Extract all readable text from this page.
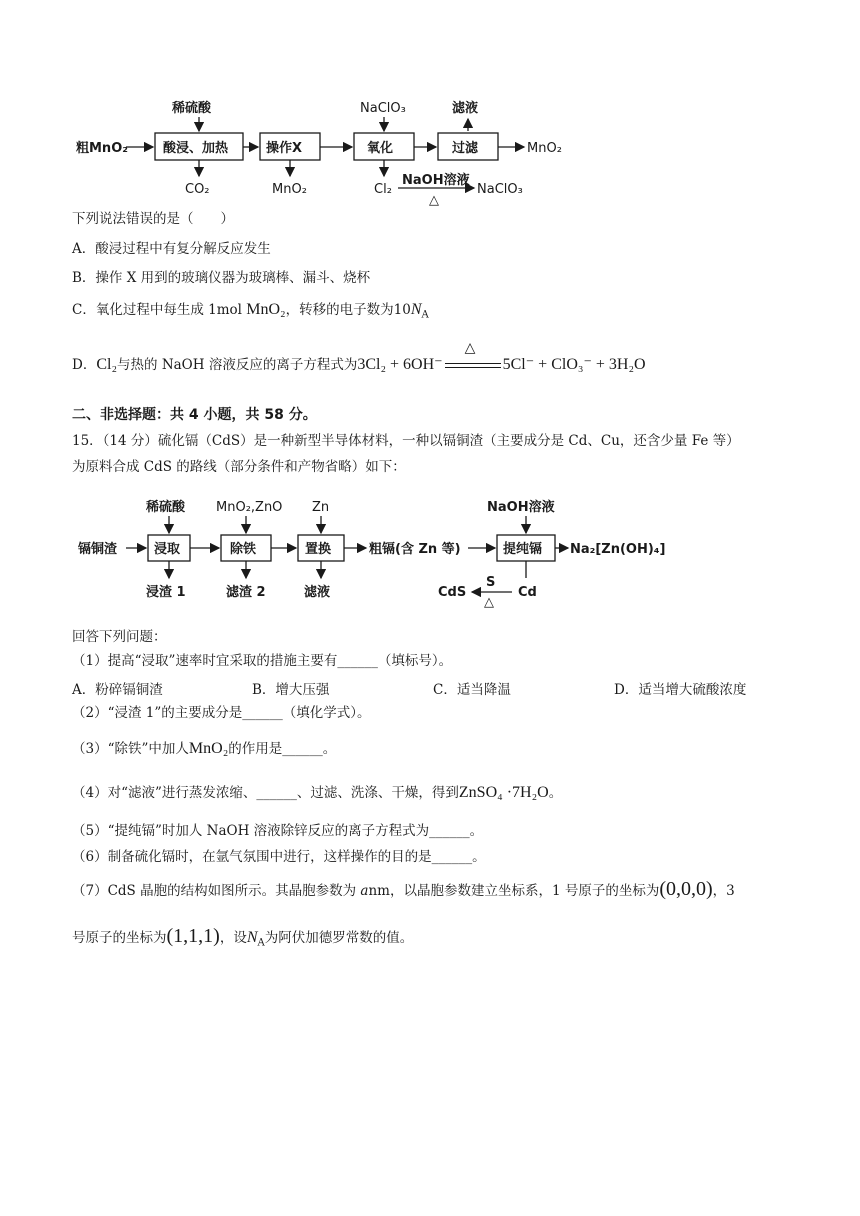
粗MnO₂	酸浸、加热
稀硫酸
CO₂
操作X
MnO₂
氧化
NaClO₃
Cl₂
过滤
滤液
MnO₂
NaOH溶液
△
NaClO₃
下列说法错误的是（　　）
A．酸浸过程中有复分解反应发生
B．操作 X 用到的玻璃仪器为玻璃棒、漏斗、烧杯
C．氧化过程中每生成 1mol MnO₂，转移的电子数为$10N_A$
D．Cl₂与热的 NaOH 溶液反应的离子方程式为3Cl₂ + 6OH⁻
△
5Cl⁻ + ClO₃⁻ + 3H₂O
二、非选择题：共 4 小题，共 58 分。
15．（14 分）硫化镉（CdS）是一种新型半导体材料，一种以镉铜渣（主要成分是 Cd、Cu，还含少量 Fe 等）
为原料合成 CdS 的路线（部分条件和产物省略）如下：
镉铜渣	浸取
稀硫酸
浸渣 1
除铁
MnO₂,ZnO
滤渣 2
置换
Zn
滤液
粗镉(含 Zn 等)	提纯镉
NaOH溶液
Na₂[Zn(OH)₄]
Cd
S
△
CdS
回答下列问题：
（1）提高“浸取”速率时宜采取的措施主要有______（填标号）。
A．粉碎镉铜渣	B．增大压强	C．适当降温	D．适当增大硫酸浓度
（2）“浸渣 1”的主要成分是______（填化学式）。
（3）“除铁”中加人MnO₂的作用是______。
（4）对“滤液”进行蒸发浓缩、______、过滤、洗涤、干燥，得到ZnSO₄ ·7H₂O。
（5）“提纯镉”时加人 NaOH 溶液除锌反应的离子方程式为______。
（6）制备硫化镉时，在氩气氛围中进行，这样操作的目的是______。
（7）CdS 晶胞的结构如图所示。其晶胞参数为 anm，以晶胞参数建立坐标系，1 号原子的坐标为(0,0,0)，3
号原子的坐标为(1,1,1)，设$N_A$为阿伏加德罗常数的值。
